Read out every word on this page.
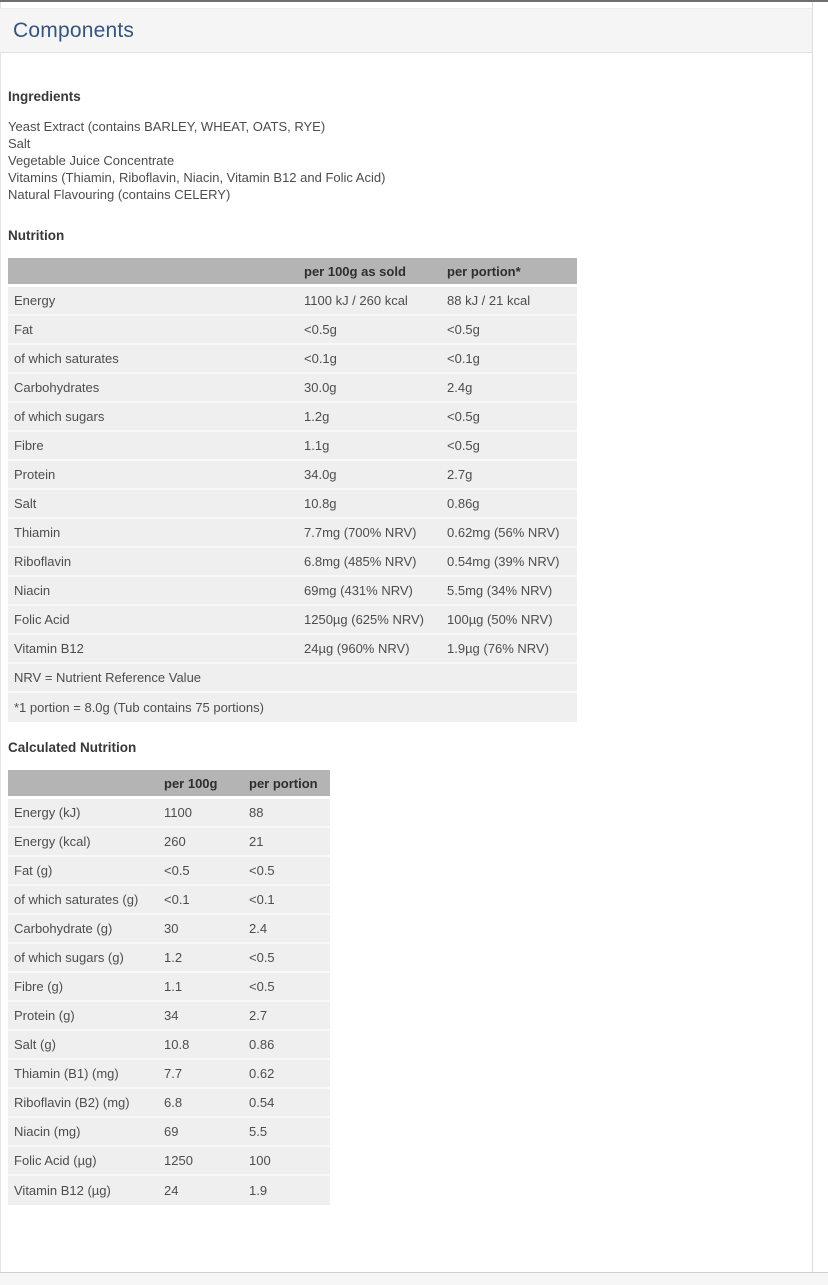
Components
Ingredients
Yeast Extract (contains BARLEY, WHEAT, OATS, RYE)
Salt
Vegetable Juice Concentrate
Vitamins (Thiamin, Riboflavin, Niacin, Vitamin B12 and Folic Acid)
Natural Flavouring (contains CELERY)
Nutrition
	per 100g as sold	per portion*
Energy	1100 kJ / 260 kcal	88 kJ / 21 kcal
Fat	<0.5g	<0.5g
of which saturates	<0.1g	<0.1g
Carbohydrates	30.0g	2.4g
of which sugars	1.2g	<0.5g
Fibre	1.1g	<0.5g
Protein	34.0g	2.7g
Salt	10.8g	0.86g
Thiamin	7.7mg (700% NRV)	0.62mg (56% NRV)
Riboflavin	6.8mg (485% NRV)	0.54mg (39% NRV)
Niacin	69mg (431% NRV)	5.5mg (34% NRV)
Folic Acid	1250µg (625% NRV)	100µg (50% NRV)
Vitamin B12	24µg (960% NRV)	1.9µg (76% NRV)
NRV = Nutrient Reference Value		
*1 portion = 8.0g (Tub contains 75 portions)		
Calculated Nutrition
	per 100g	per portion
Energy (kJ)	1100	88
Energy (kcal)	260	21
Fat (g)	<0.5	<0.5
of which saturates (g)	<0.1	<0.1
Carbohydrate (g)	30	2.4
of which sugars (g)	1.2	<0.5
Fibre (g)	1.1	<0.5
Protein (g)	34	2.7
Salt (g)	10.8	0.86
Thiamin (B1) (mg)	7.7	0.62
Riboflavin (B2) (mg)	6.8	0.54
Niacin (mg)	69	5.5
Folic Acid (µg)	1250	100
Vitamin B12 (µg)	24	1.9
